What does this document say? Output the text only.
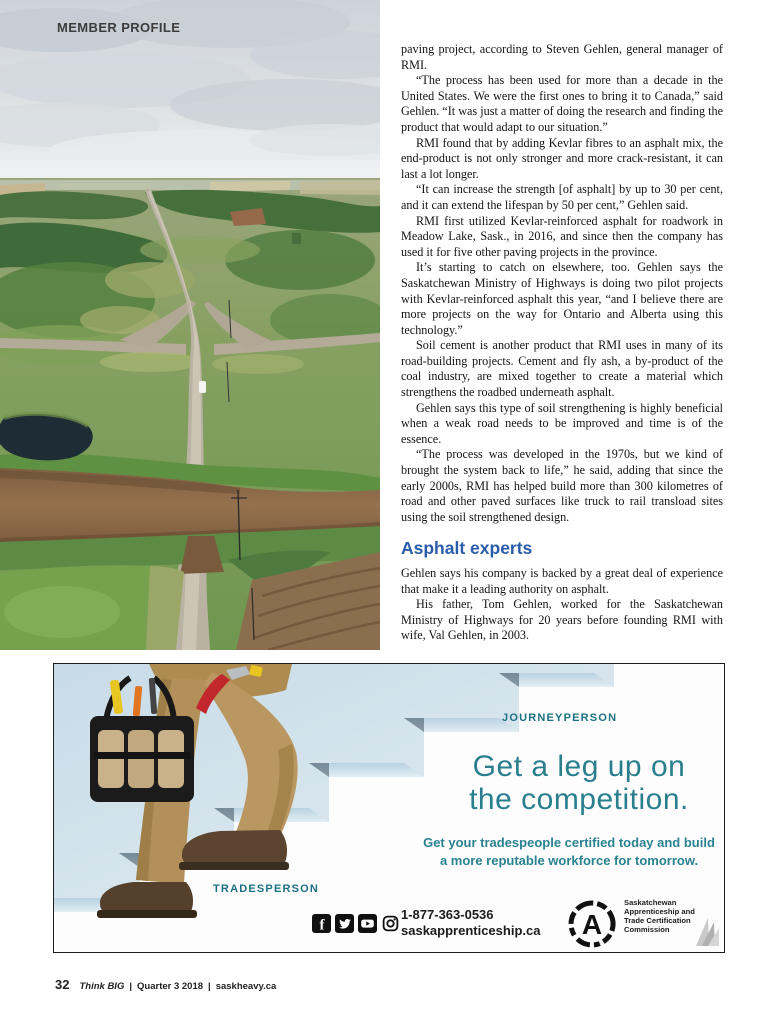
MEMBER PROFILE

paving project, according to Steven Gehlen, general manager of RMI.

“The process has been used for more than a decade in the United States. We were the first ones to bring it to Canada,” said Gehlen. “It was just a matter of doing the research and finding the product that would adapt to our situation.”

RMI found that by adding Kevlar fibres to an asphalt mix, the end-product is not only stronger and more crack-resistant, it can last a lot longer.

“It can increase the strength [of asphalt] by up to 30 per cent, and it can extend the lifespan by 50 per cent,” Gehlen said.

RMI first utilized Kevlar-reinforced asphalt for roadwork in Meadow Lake, Sask., in 2016, and since then the company has used it for five other paving projects in the province.

It’s starting to catch on elsewhere, too. Gehlen says the Saskatchewan Ministry of Highways is doing two pilot projects with Kevlar-reinforced asphalt this year, “and I believe there are more projects on the way for Ontario and Alberta using this technology.”

Soil cement is another product that RMI uses in many of its road-building projects. Cement and fly ash, a by-product of the coal industry, are mixed together to create a material which strengthens the roadbed underneath asphalt.

Gehlen says this type of soil strengthening is highly beneficial when a weak road needs to be improved and time is of the essence.

“The process was developed in the 1970s, but we kind of brought the system back to life,” he said, adding that since the early 2000s, RMI has helped build more than 300 kilometres of road and other paved surfaces like truck to rail transload sites using the soil strengthened design.

Asphalt experts

Gehlen says his company is backed by a great deal of experience that make it a leading authority on asphalt.

His father, Tom Gehlen, worked for the Saskatchewan Ministry of Highways for 20 years before founding RMI with wife, Val Gehlen, in 2003.

JOURNEYPERSON
TRADESPERSON
Get a leg up on
the competition.
Get your tradespeople certified today and build
a more reputable workforce for tomorrow.
f
1-877-363-0536
saskapprenticeship.ca A
Saskatchewan
Apprenticeship and
Trade Certification
Commission
32 Think BIG | Quarter 3 2018 | saskheavy.ca
